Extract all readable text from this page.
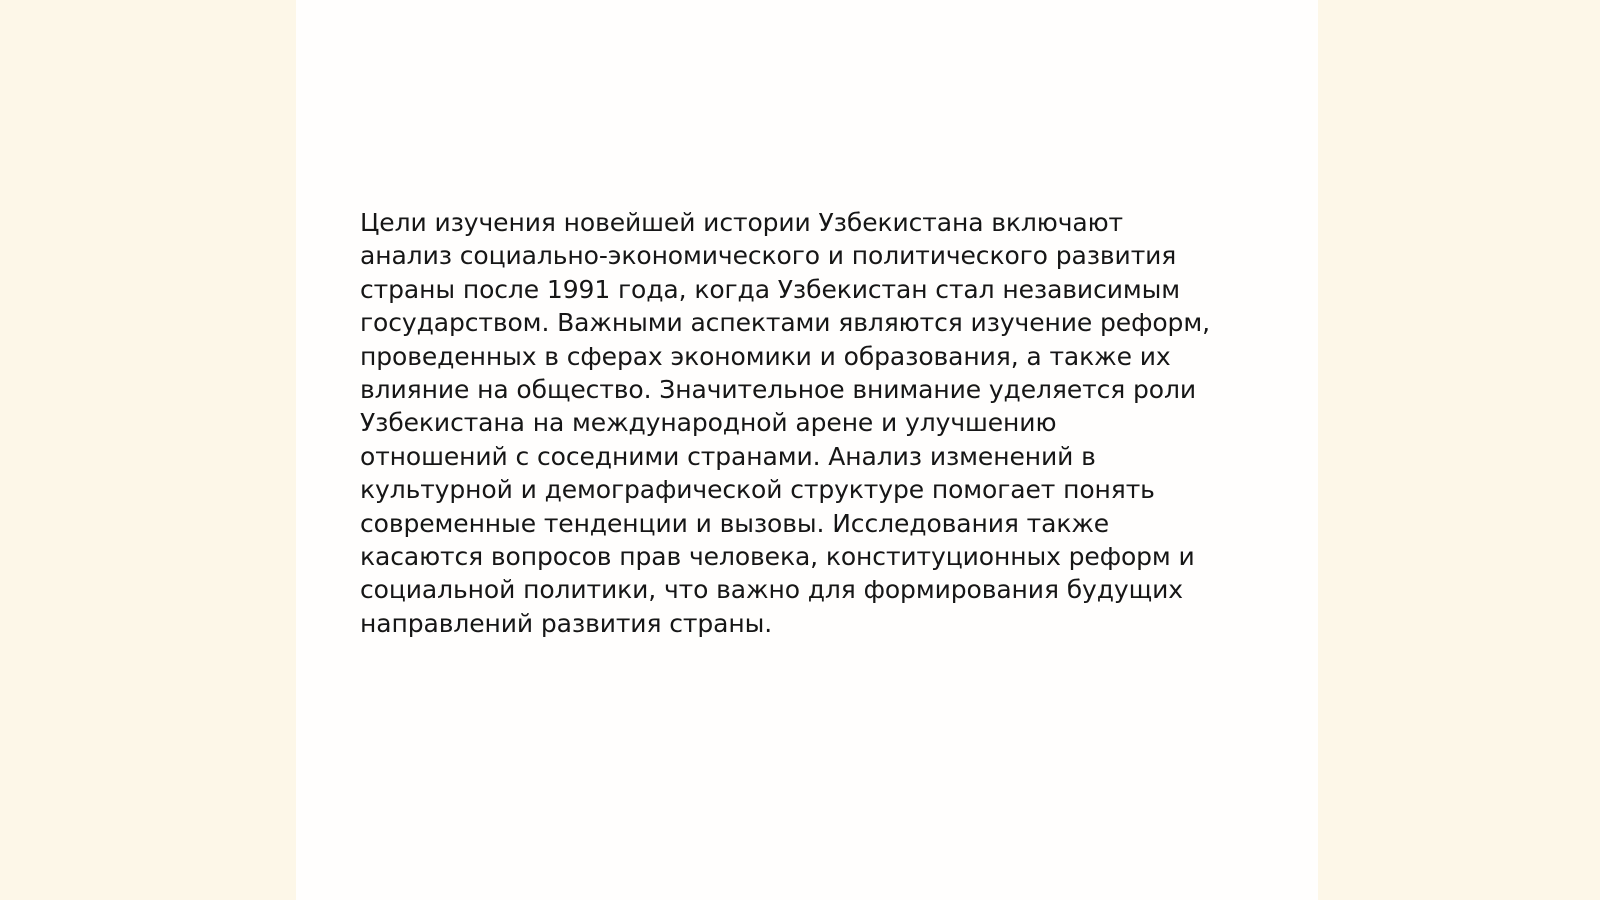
Цели изучения новейшей истории Узбекистана включают
анализ социально-экономического и политического развития
страны после 1991 года, когда Узбекистан стал независимым
государством. Важными аспектами являются изучение реформ,
проведенных в сферах экономики и образования, а также их
влияние на общество. Значительное внимание уделяется роли
Узбекистана на международной арене и улучшению
отношений с соседними странами. Анализ изменений в
культурной и демографической структуре помогает понять
современные тенденции и вызовы. Исследования также
касаются вопросов прав человека, конституционных реформ и
социальной политики, что важно для формирования будущих
направлений развития страны.
